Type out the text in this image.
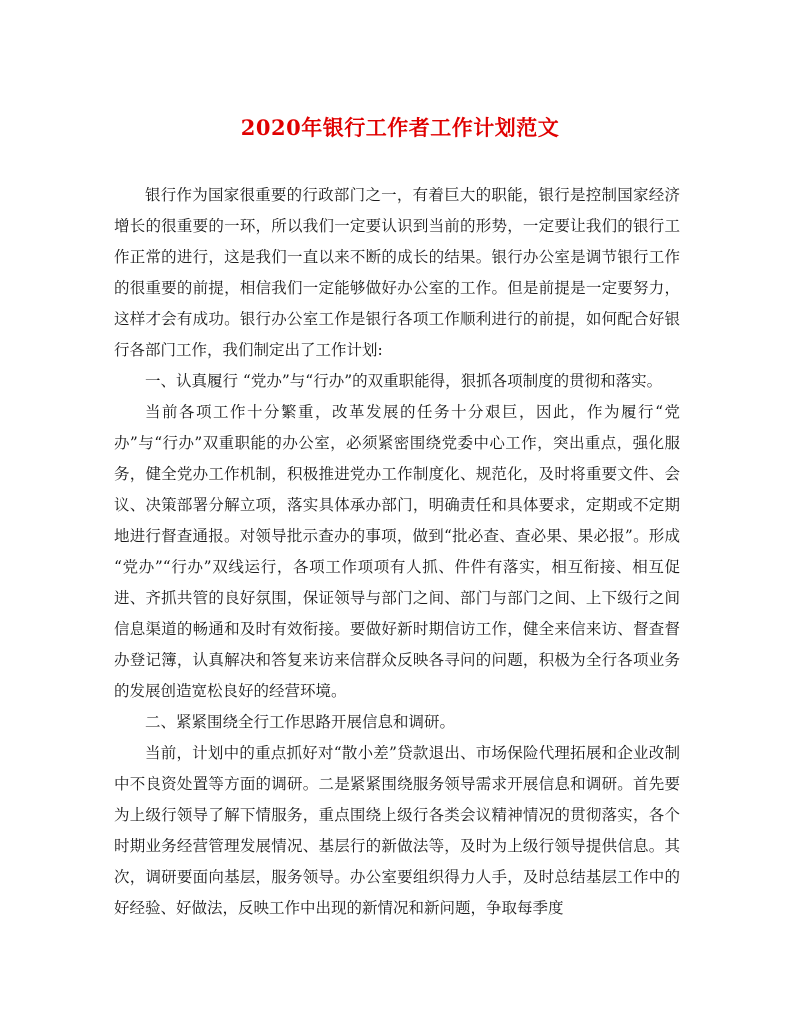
2020年银行工作者工作计划范文

银行作为国家很重要的行政部门之一，有着巨大的职能，银行是控制国家经济增长的很重要的一环，所以我们一定要认识到当前的形势，一定要让我们的银行工作正常的进行，这是我们一直以来不断的成长的结果。银行办公室是调节银行工作的很重要的前提，相信我们一定能够做好办公室的工作。但是前提是一定要努力，这样才会有成功。银行办公室工作是银行各项工作顺利进行的前提，如何配合好银行各部门工作，我们制定出了工作计划:

一、认真履行 “党办”与“行办”的双重职能得，狠抓各项制度的贯彻和落实。

当前各项工作十分繁重，改革发展的任务十分艰巨，因此，作为履行“党办”与“行办”双重职能的办公室，必须紧密围绕党委中心工作，突出重点，强化服务，健全党办工作机制，积极推进党办工作制度化、规范化，及时将重要文件、会议、决策部署分解立项，落实具体承办部门，明确责任和具体要求，定期或不定期地进行督查通报。对领导批示查办的事项，做到“批必查、查必果、果必报”。形成 “党办”“行办”双线运行，各项工作项项有人抓、件件有落实，相互衔接、相互促进、齐抓共管的良好氛围，保证领导与部门之间、部门与部门之间、上下级行之间信息渠道的畅通和及时有效衔接。要做好新时期信访工作，健全来信来访、督查督办登记簿，认真解决和答复来访来信群众反映各寻问的问题，积极为全行各项业务的发展创造宽松良好的经营环境。

二、紧紧围绕全行工作思路开展信息和调研。

当前，计划中的重点抓好对“散小差”贷款退出、市场保险代理拓展和企业改制中不良资处置等方面的调研。二是紧紧围绕服务领导需求开展信息和调研。首先要为上级行领导了解下情服务，重点围绕上级行各类会议精神情况的贯彻落实，各个时期业务经营管理发展情况、基层行的新做法等，及时为上级行领导提供信息。其次，调研要面向基层，服务领导。办公室要组织得力人手，及时总结基层工作中的好经验、好做法，反映工作中出现的新情况和新问题，争取每季度
